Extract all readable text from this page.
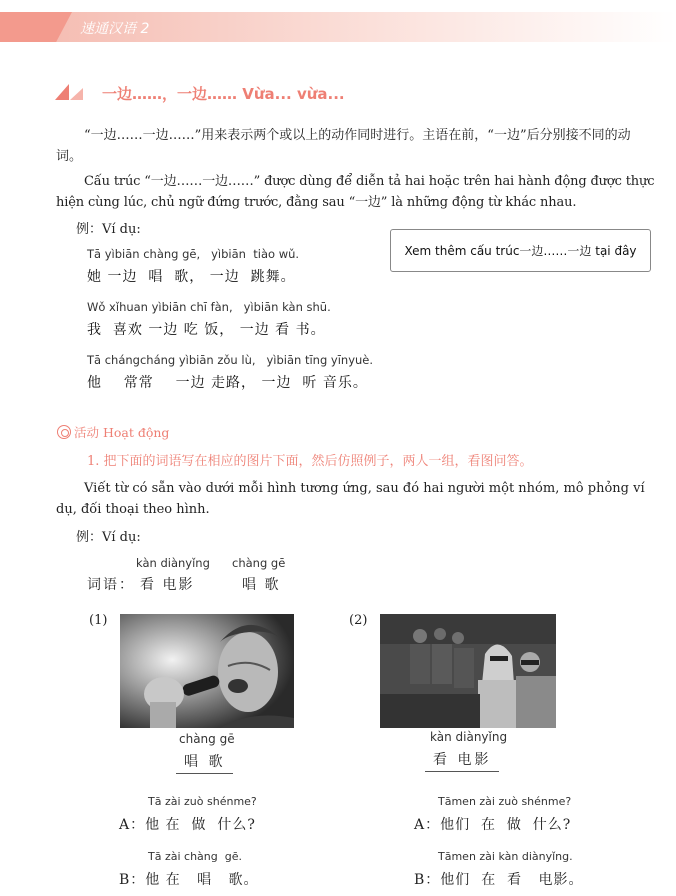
速通汉语 2
一边……，一边…… Vừa... vừa...
“一边……一边……”用来表示两个或以上的动作同时进行。主语在前，“一边”后分别接不同的动词。
Cấu trúc “一边……一边……” được dùng để diễn tả hai hoặc trên hai hành động được thực hiện cùng lúc, chủ ngữ đứng trước, đằng sau “一边” là những động từ khác nhau.
例：Ví dụ:
Tā yìbiān chàng gē,   yìbiān  tiào wǔ.
她 一边  唱  歌， 一边  跳舞。
Wǒ xǐhuan yìbiān chī fàn,   yìbiān kàn shū.
我  喜欢 一边 吃 饭， 一边 看 书。
Tā chángcháng yìbiān zǒu lù,   yìbiān tīng yīnyuè.
他    常常    一边 走路， 一边  听 音乐。
Xem thêm cấu trúc一边……一边 tại đây
活动 Hoạt động
1. 把下面的词语写在相应的图片下面，然后仿照例子，两人一组，看图问答。
Viết từ có sẵn vào dưới mỗi hình tương ứng, sau đó hai người một nhóm, mô phỏng ví dụ, đối thoại theo hình.
例：Ví dụ:
词语：
kàn diànyǐng
看 电影
chàng gē
唱 歌
(1)
chàng gē
唱 歌
Tā zài zuò shénme?
A：他 在  做  什么?
Tā zài chàng  gē.
B：他 在   唱   歌。
(2)
kàn diànyǐng
看 电影
Tāmen zài zuò shénme?
A：他们  在  做  什么?
Tāmen zài kàn diànyǐng.
B：他们  在  看   电影。
